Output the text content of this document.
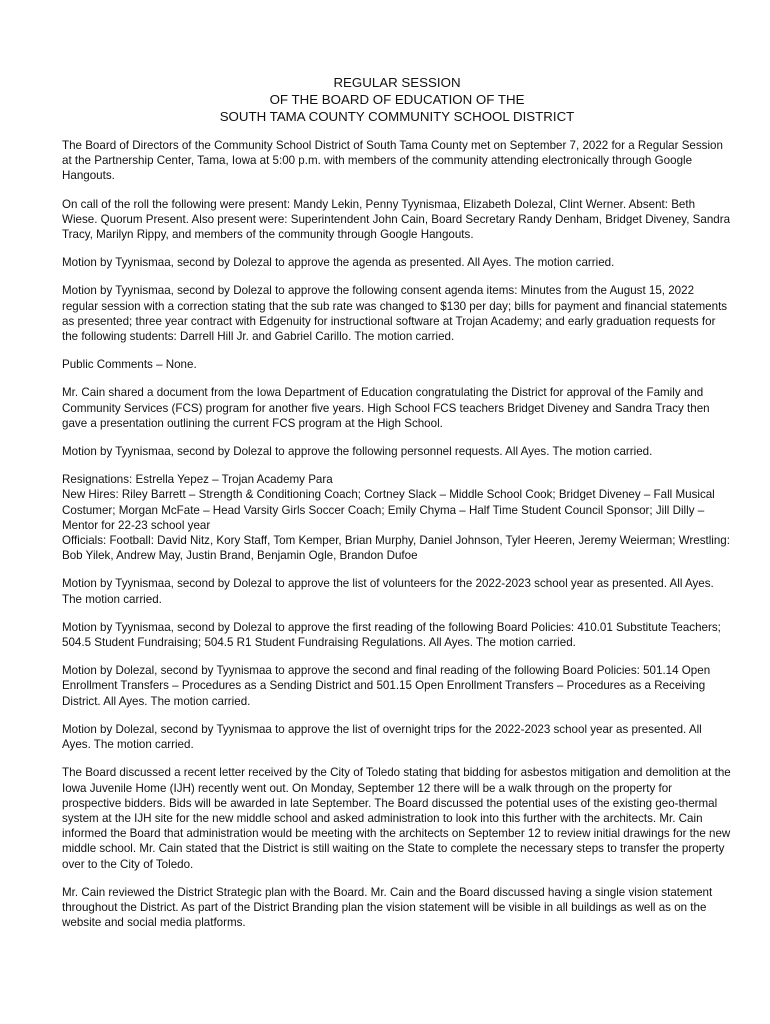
REGULAR SESSION
OF THE BOARD OF EDUCATION OF THE
SOUTH TAMA COUNTY COMMUNITY SCHOOL DISTRICT

The Board of Directors of the Community School District of South Tama County met on September 7, 2022 for a Regular Session at the Partnership Center, Tama, Iowa at 5:00 p.m. with members of the community attending electronically through Google Hangouts.

On call of the roll the following were present: Mandy Lekin, Penny Tyynismaa, Elizabeth Dolezal, Clint Werner. Absent: Beth Wiese. Quorum Present. Also present were: Superintendent John Cain, Board Secretary Randy Denham, Bridget Diveney, Sandra Tracy, Marilyn Rippy, and members of the community through Google Hangouts.

Motion by Tyynismaa, second by Dolezal to approve the agenda as presented. All Ayes. The motion carried.

Motion by Tyynismaa, second by Dolezal to approve the following consent agenda items: Minutes from the August 15, 2022 regular session with a correction stating that the sub rate was changed to $130 per day; bills for payment and financial statements as presented; three year contract with Edgenuity for instructional software at Trojan Academy; and early graduation requests for the following students: Darrell Hill Jr. and Gabriel Carillo. The motion carried.

Public Comments – None.

Mr. Cain shared a document from the Iowa Department of Education congratulating the District for approval of the Family and Community Services (FCS) program for another five years. High School FCS teachers Bridget Diveney and Sandra Tracy then gave a presentation outlining the current FCS program at the High School.

Motion by Tyynismaa, second by Dolezal to approve the following personnel requests. All Ayes. The motion carried.

Resignations: Estrella Yepez – Trojan Academy Para

New Hires: Riley Barrett – Strength & Conditioning Coach; Cortney Slack – Middle School Cook; Bridget Diveney – Fall Musical Costumer; Morgan McFate – Head Varsity Girls Soccer Coach; Emily Chyma – Half Time Student Council Sponsor; Jill Dilly – Mentor for 22-23 school year

Officials: Football: David Nitz, Kory Staff, Tom Kemper, Brian Murphy, Daniel Johnson, Tyler Heeren, Jeremy Weierman; Wrestling: Bob Yilek, Andrew May, Justin Brand, Benjamin Ogle, Brandon Dufoe

Motion by Tyynismaa, second by Dolezal to approve the list of volunteers for the 2022-2023 school year as presented. All Ayes. The motion carried.

Motion by Tyynismaa, second by Dolezal to approve the first reading of the following Board Policies: 410.01 Substitute Teachers; 504.5 Student Fundraising; 504.5 R1 Student Fundraising Regulations. All Ayes. The motion carried.

Motion by Dolezal, second by Tyynismaa to approve the second and final reading of the following Board Policies: 501.14 Open Enrollment Transfers – Procedures as a Sending District and 501.15 Open Enrollment Transfers – Procedures as a Receiving District. All Ayes. The motion carried.

Motion by Dolezal, second by Tyynismaa to approve the list of overnight trips for the 2022-2023 school year as presented. All Ayes. The motion carried.

The Board discussed a recent letter received by the City of Toledo stating that bidding for asbestos mitigation and demolition at the Iowa Juvenile Home (IJH) recently went out. On Monday, September 12 there will be a walk through on the property for prospective bidders. Bids will be awarded in late September. The Board discussed the potential uses of the existing geo-thermal system at the IJH site for the new middle school and asked administration to look into this further with the architects. Mr. Cain informed the Board that administration would be meeting with the architects on September 12 to review initial drawings for the new middle school. Mr. Cain stated that the District is still waiting on the State to complete the necessary steps to transfer the property over to the City of Toledo.

Mr. Cain reviewed the District Strategic plan with the Board. Mr. Cain and the Board discussed having a single vision statement throughout the District. As part of the District Branding plan the vision statement will be visible in all buildings as well as on the website and social media platforms.
